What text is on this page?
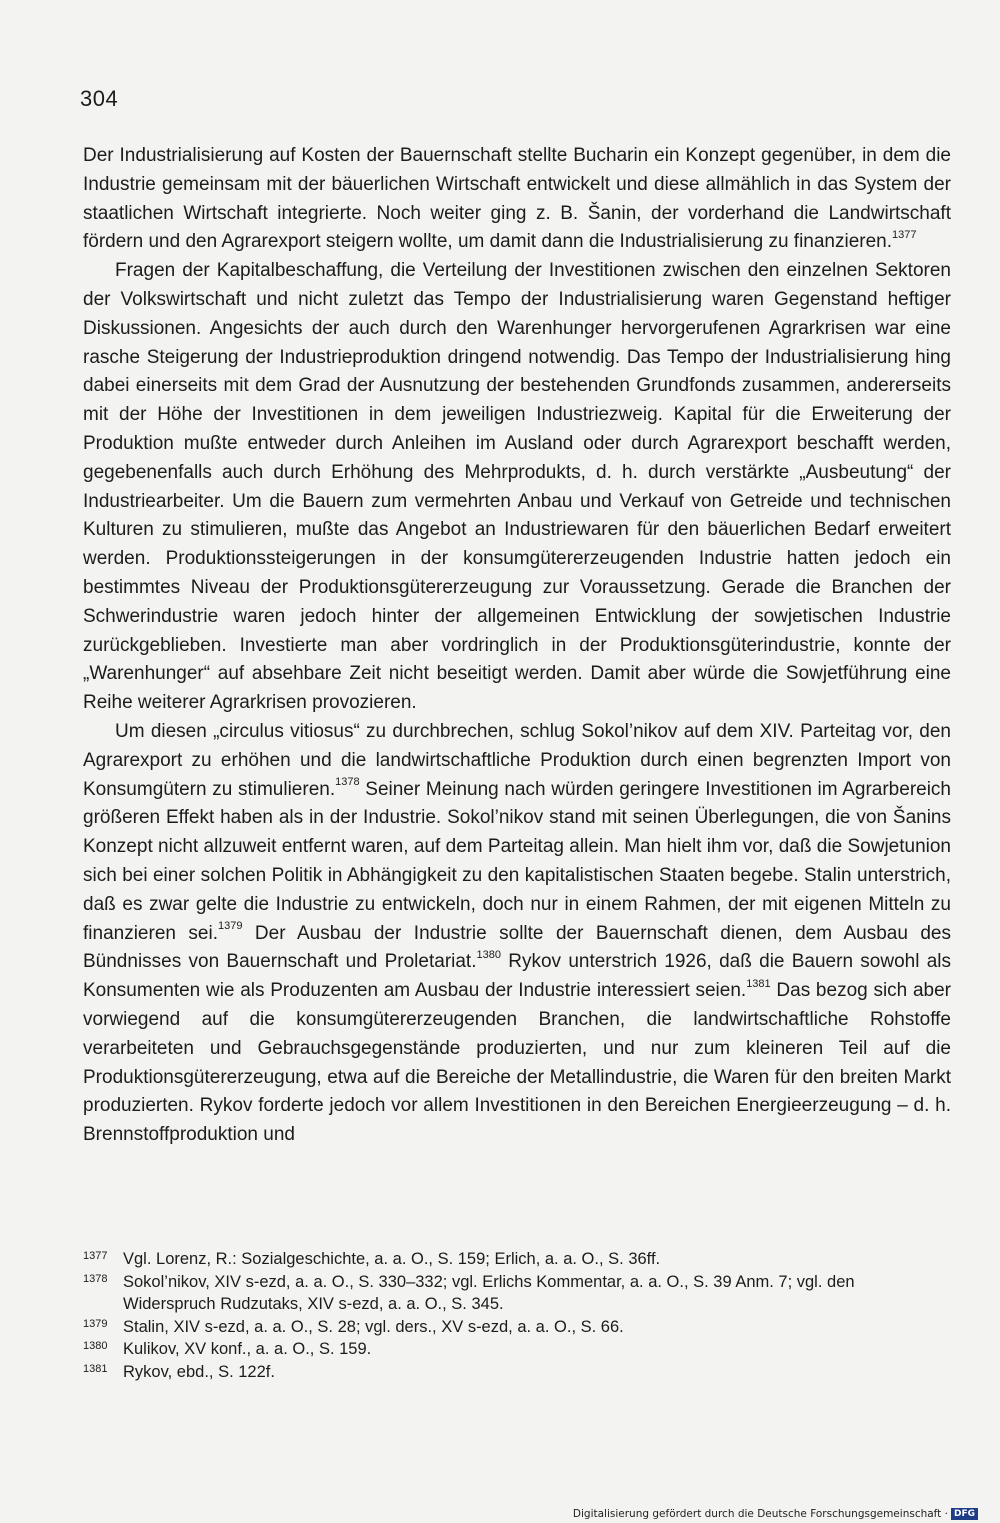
304

Der Industrialisierung auf Kosten der Bauernschaft stellte Bucharin ein Konzept gegenüber, in dem die Industrie gemeinsam mit der bäuerlichen Wirtschaft entwickelt und diese allmählich in das System der staatlichen Wirtschaft integrierte. Noch weiter ging z. B. Šanin, der vorderhand die Landwirtschaft fördern und den Agrarexport steigern wollte, um damit dann die Industrialisierung zu finanzieren.$^{1377}$

Fragen der Kapitalbeschaffung, die Verteilung der Investitionen zwischen den einzelnen Sektoren der Volkswirtschaft und nicht zuletzt das Tempo der Industrialisierung waren Gegenstand heftiger Diskussionen. Angesichts der auch durch den Warenhunger hervorgerufenen Agrarkrisen war eine rasche Steigerung der Industrieproduktion dringend notwendig. Das Tempo der Industrialisierung hing dabei einerseits mit dem Grad der Ausnutzung der bestehenden Grundfonds zusammen, andererseits mit der Höhe der Investitionen in dem jeweiligen Industriezweig. Kapital für die Erweiterung der Produktion mußte entweder durch Anleihen im Ausland oder durch Agrarexport beschafft werden, gegebenenfalls auch durch Erhöhung des Mehrprodukts, d. h. durch verstärkte „Ausbeutung“ der Industriearbeiter. Um die Bauern zum vermehrten Anbau und Verkauf von Getreide und technischen Kulturen zu stimulieren, mußte das Angebot an Industriewaren für den bäuerlichen Bedarf erweitert werden. Produktionssteigerungen in der konsumgütererzeugenden Industrie hatten jedoch ein bestimmtes Niveau der Produktionsgütererzeugung zur Voraussetzung. Gerade die Branchen der Schwerindustrie waren jedoch hinter der allgemeinen Entwicklung der sowjetischen Industrie zurückgeblieben. Investierte man aber vordringlich in der Produktionsgüterindustrie, konnte der „Warenhunger“ auf absehbare Zeit nicht beseitigt werden. Damit aber würde die Sowjetführung eine Reihe weiterer Agrarkrisen provozieren.

Um diesen „circulus vitiosus“ zu durchbrechen, schlug Sokol’nikov auf dem XIV. Parteitag vor, den Agrarexport zu erhöhen und die landwirtschaftliche Produktion durch einen begrenzten Import von Konsumgütern zu stimulieren.$^{1378}$ Seiner Meinung nach würden geringere Investitionen im Agrarbereich größeren Effekt haben als in der Industrie. Sokol’nikov stand mit seinen Überlegungen, die von Šanins Konzept nicht allzuweit entfernt waren, auf dem Parteitag allein. Man hielt ihm vor, daß die Sowjetunion sich bei einer solchen Politik in Abhängigkeit zu den kapitalistischen Staaten begebe. Stalin unterstrich, daß es zwar gelte die Industrie zu entwickeln, doch nur in einem Rahmen, der mit eigenen Mitteln zu finanzieren sei.$^{1379}$ Der Ausbau der Industrie sollte der Bauernschaft dienen, dem Ausbau des Bündnisses von Bauernschaft und Proletariat.$^{1380}$ Rykov unterstrich 1926, daß die Bauern sowohl als Konsumenten wie als Produzenten am Ausbau der Industrie interessiert seien.$^{1381}$ Das bezog sich aber vorwiegend auf die konsumgütererzeugenden Branchen, die landwirtschaftliche Rohstoffe verarbeiteten und Gebrauchsgegenstände produzierten, und nur zum kleineren Teil auf die Produktionsgütererzeugung, etwa auf die Bereiche der Metallindustrie, die Waren für den breiten Markt produzierten. Rykov forderte jedoch vor allem Investitionen in den Bereichen Energieerzeugung – d. h. Brennstoffproduktion und

1377 Vgl. Lorenz, R.: Sozialgeschichte, a. a. O., S. 159; Erlich, a. a. O., S. 36ff.
1378 Sokol’nikov, XIV s-ezd, a. a. O., S. 330–332; vgl. Erlichs Kommentar, a. a. O., S. 39 Anm. 7; vgl. den Widerspruch Rudzutaks, XIV s-ezd, a. a. O., S. 345.
1379 Stalin, XIV s-ezd, a. a. O., S. 28; vgl. ders., XV s-ezd, a. a. O., S. 66.
1380 Kulikov, XV konf., a. a. O., S. 159.
1381 Rykov, ebd., S. 122f.
Digitalisierung gefördert durch die Deutsche Forschungsgemeinschaft · DFG
